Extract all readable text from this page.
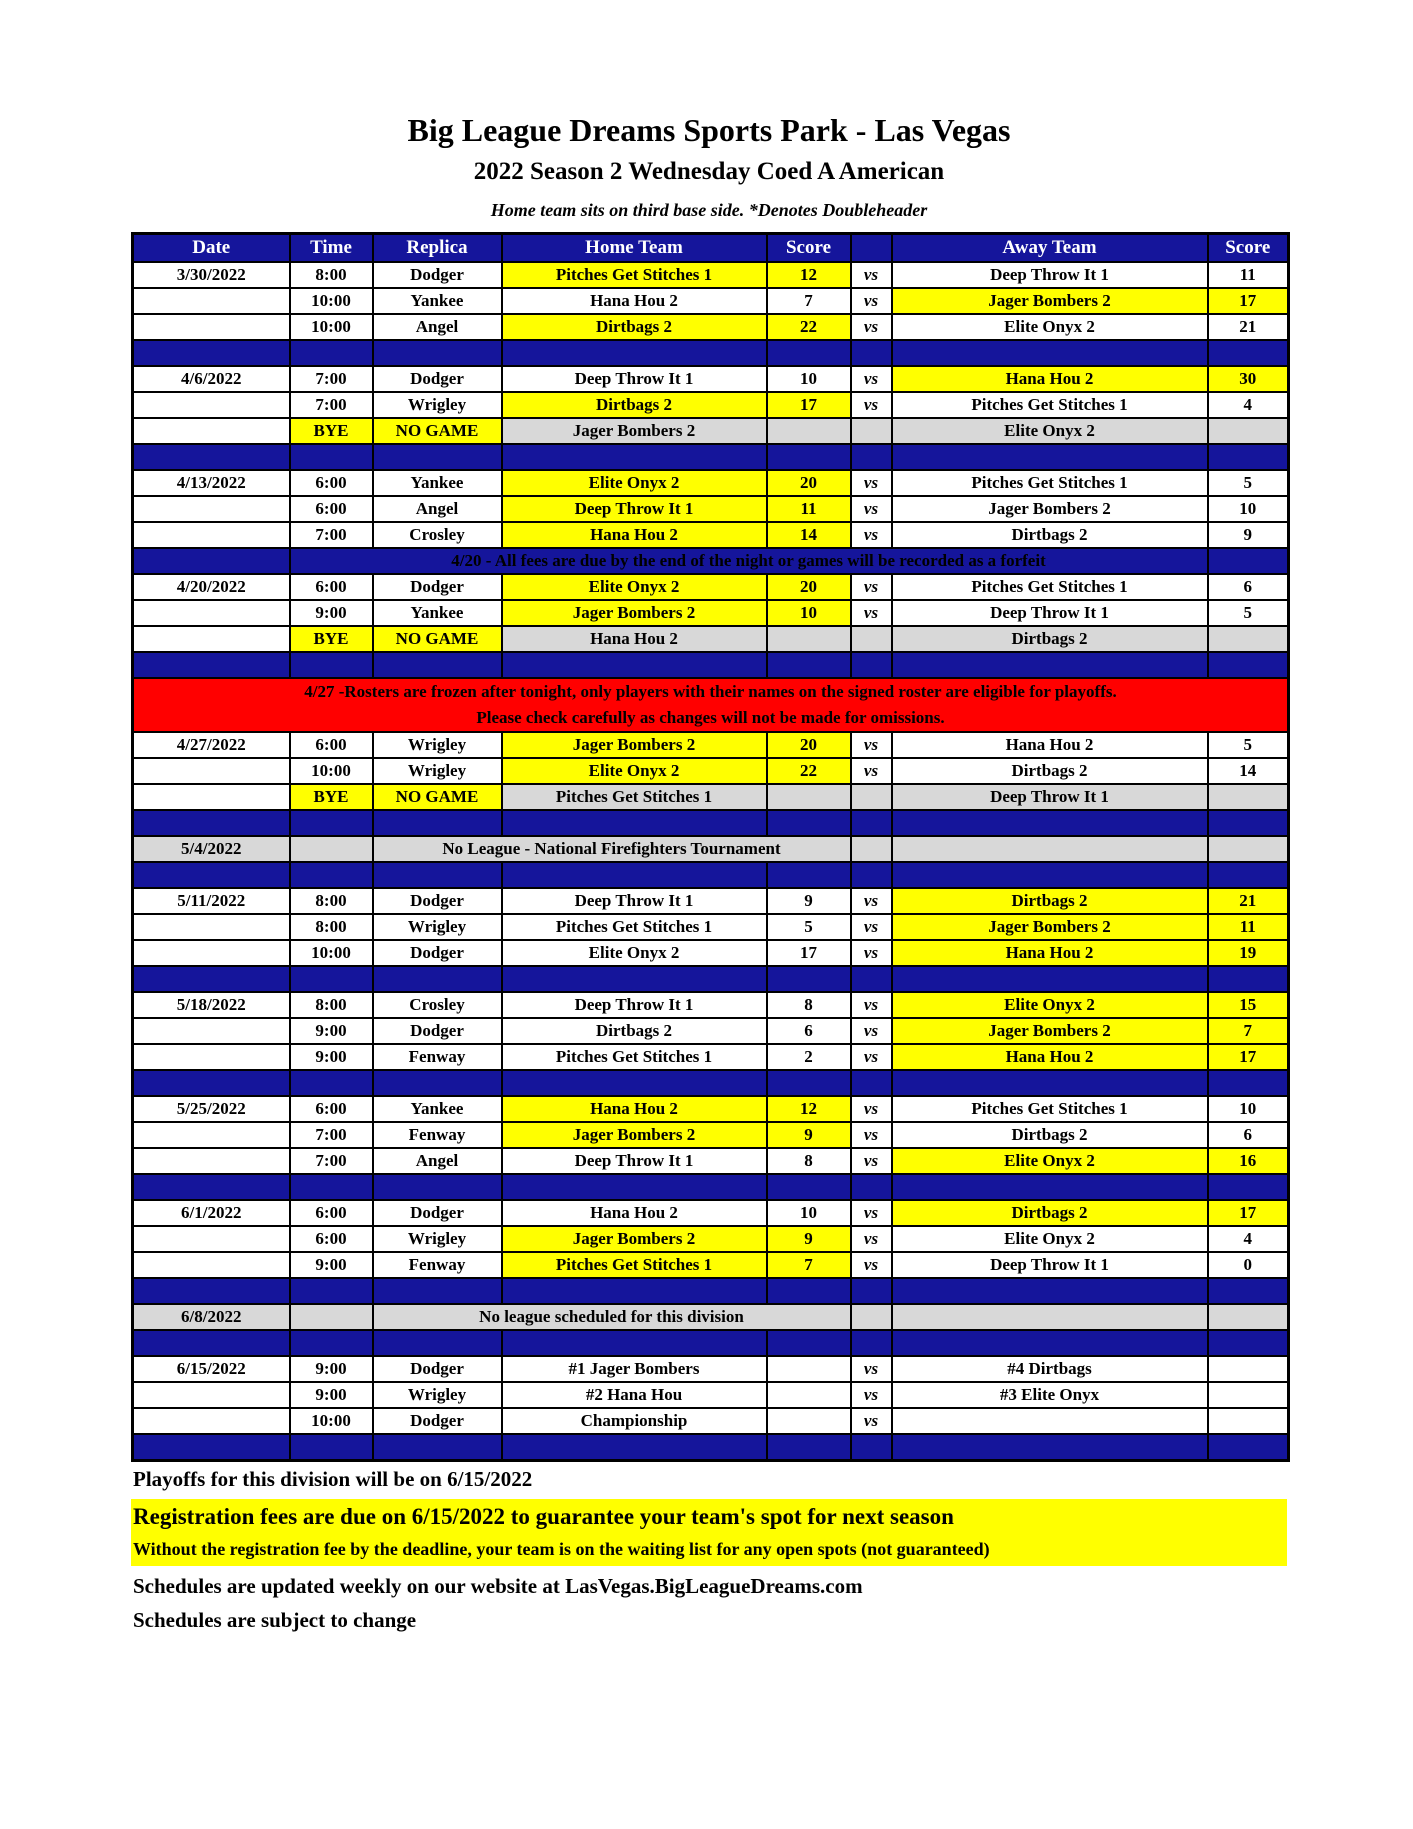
Big League Dreams Sports Park - Las Vegas
2022 Season 2 Wednesday Coed A American
Home team sits on third base side. *Denotes Doubleheader
Date	Time	Replica	Home Team	Score		Away Team	Score
3/30/2022	8:00	Dodger	Pitches Get Stitches 1	12	vs	Deep Throw It 1	11
	10:00	Yankee	Hana Hou 2	7	vs	Jager Bombers 2	17
	10:00	Angel	Dirtbags 2	22	vs	Elite Onyx 2	21

4/6/2022	7:00	Dodger	Deep Throw It 1	10	vs	Hana Hou 2	30
	7:00	Wrigley	Dirtbags 2	17	vs	Pitches Get Stitches 1	4
	BYE	NO GAME	Jager Bombers 2			Elite Onyx 2	

4/13/2022	6:00	Yankee	Elite Onyx 2	20	vs	Pitches Get Stitches 1	5
	6:00	Angel	Deep Throw It 1	11	vs	Jager Bombers 2	10
	7:00	Crosley	Hana Hou 2	14	vs	Dirtbags 2	9
	4/20 - All fees are due by the end of the night or games will be recorded as a forfeit						
4/20/2022	6:00	Dodger	Elite Onyx 2	20	vs	Pitches Get Stitches 1	6
	9:00	Yankee	Jager Bombers 2	10	vs	Deep Throw It 1	5
	BYE	NO GAME	Hana Hou 2			Dirtbags 2	

4/27 -Rosters are frozen after tonight, only players with their names on the signed roster are eligible for playoffs.
Please check carefully as changes will not be made for omissions.							

4/27/2022	6:00	Wrigley	Jager Bombers 2	20	vs	Hana Hou 2	5
	10:00	Wrigley	Elite Onyx 2	22	vs	Dirtbags 2	14
	BYE	NO GAME	Pitches Get Stitches 1			Deep Throw It 1	

5/4/2022		No League - National Firefighters Tournament					

5/11/2022	8:00	Dodger	Deep Throw It 1	9	vs	Dirtbags 2	21
	8:00	Wrigley	Pitches Get Stitches 1	5	vs	Jager Bombers 2	11
	10:00	Dodger	Elite Onyx 2	17	vs	Hana Hou 2	19

5/18/2022	8:00	Crosley	Deep Throw It 1	8	vs	Elite Onyx 2	15
	9:00	Dodger	Dirtbags 2	6	vs	Jager Bombers 2	7
	9:00	Fenway	Pitches Get Stitches 1	2	vs	Hana Hou 2	17

5/25/2022	6:00	Yankee	Hana Hou 2	12	vs	Pitches Get Stitches 1	10
	7:00	Fenway	Jager Bombers 2	9	vs	Dirtbags 2	6
	7:00	Angel	Deep Throw It 1	8	vs	Elite Onyx 2	16

6/1/2022	6:00	Dodger	Hana Hou 2	10	vs	Dirtbags 2	17
	6:00	Wrigley	Jager Bombers 2	9	vs	Elite Onyx 2	4
	9:00	Fenway	Pitches Get Stitches 1	7	vs	Deep Throw It 1	0

6/8/2022		No league scheduled for this division					

6/15/2022	9:00	Dodger	#1 Jager Bombers		vs	#4 Dirtbags	
	9:00	Wrigley	#2 Hana Hou		vs	#3 Elite Onyx	
	10:00	Dodger	Championship		vs		

Playoffs for this division will be on 6/15/2022
Registration fees are due on 6/15/2022 to guarantee your team's spot for next season
Without the registration fee by the deadline, your team is on the waiting list for any open spots (not guaranteed)
Schedules are updated weekly on our website at LasVegas.BigLeagueDreams.com
Schedules are subject to change
